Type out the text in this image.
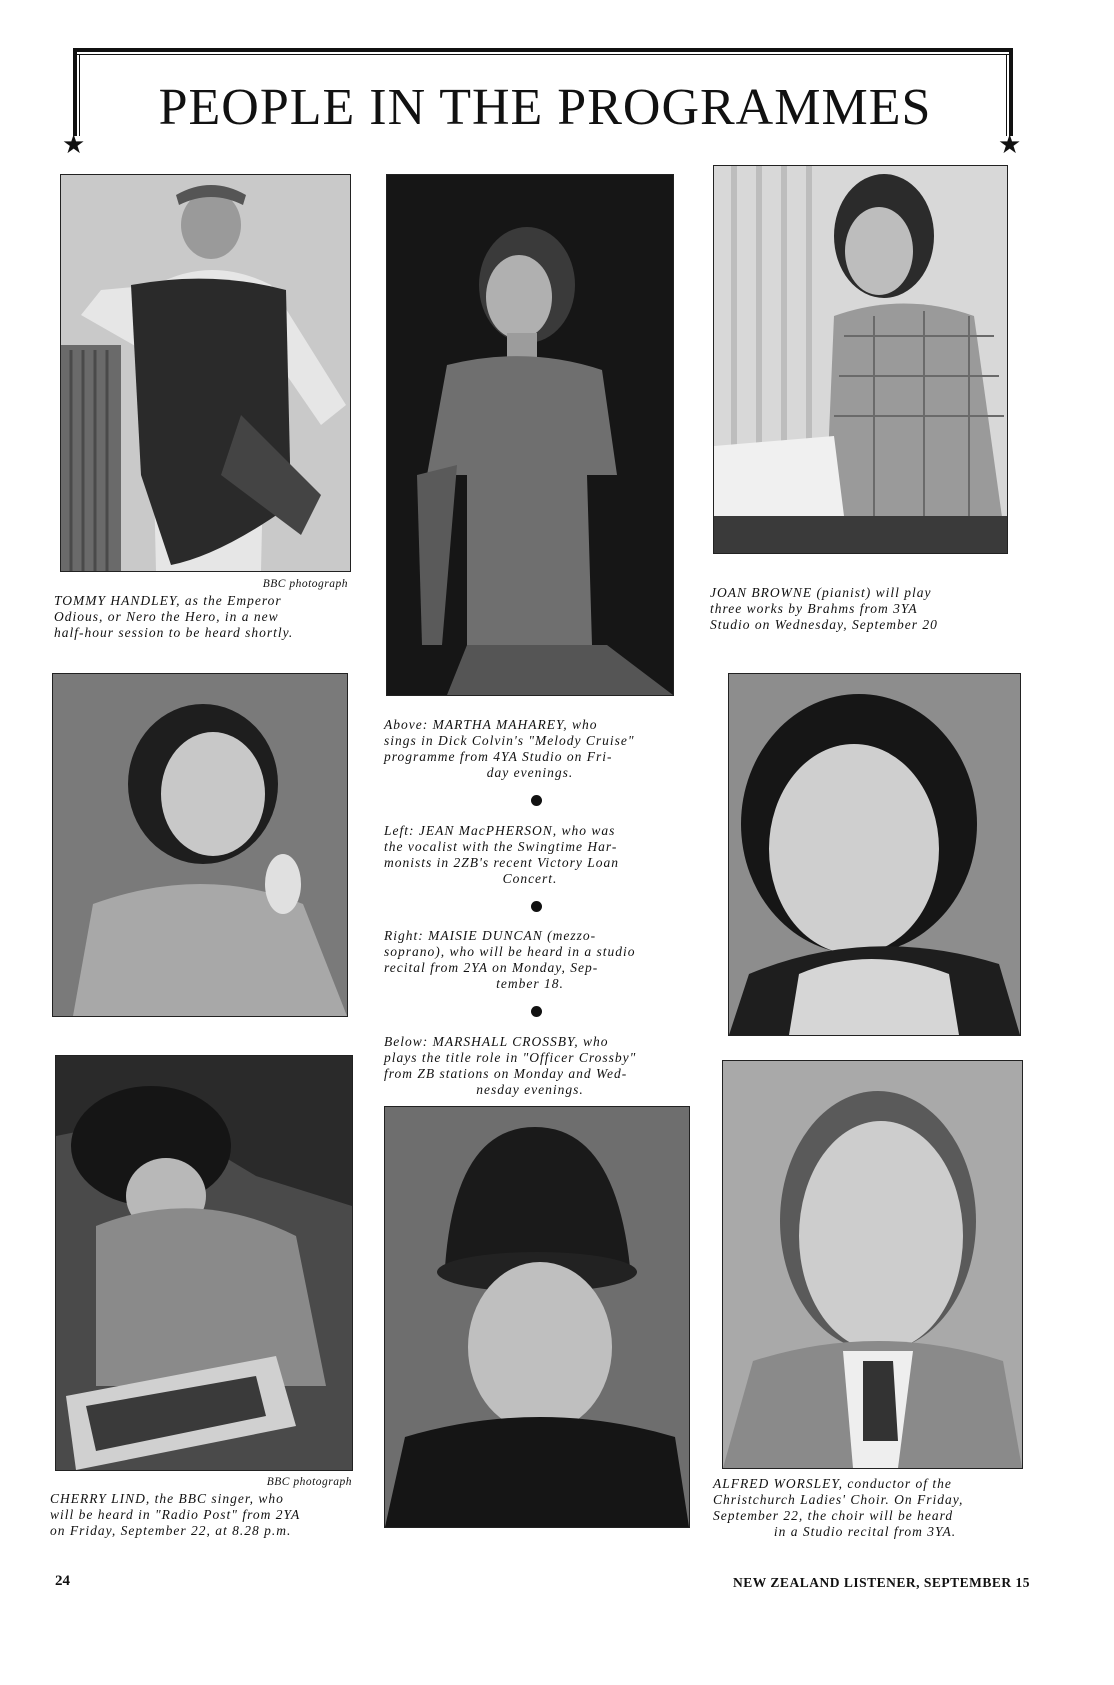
★	★
PEOPLE IN THE PROGRAMMES
BBC photograph
TOMMY HANDLEY, as the Emperor
Odious, or Nero the Hero, in a new
half-hour session to be heard shortly.
JOAN BROWNE (pianist) will play
three works by Brahms from 3YA
Studio on Wednesday, September 20
Above: MARTHA MAHAREY, who
sings in Dick Colvin's "Melody Cruise"
programme from 4YA Studio on Fri-
day evenings.
Left: JEAN MacPHERSON, who was
the vocalist with the Swingtime Har-
monists in 2ZB's recent Victory Loan
Concert.
Right: MAISIE DUNCAN (mezzo-
soprano), who will be heard in a studio
recital from 2YA on Monday, Sep-
tember 18.
Below: MARSHALL CROSSBY, who
plays the title role in "Officer Crossby"
from ZB stations on Monday and Wed-
nesday evenings.
BBC photograph
CHERRY LIND, the BBC singer, who
will be heard in "Radio Post" from 2YA
on Friday, September 22, at 8.28 p.m.
ALFRED WORSLEY, conductor of the
Christchurch Ladies' Choir. On Friday,
September 22, the choir will be heard
in a Studio recital from 3YA.
24	NEW ZEALAND LISTENER, SEPTEMBER 15
